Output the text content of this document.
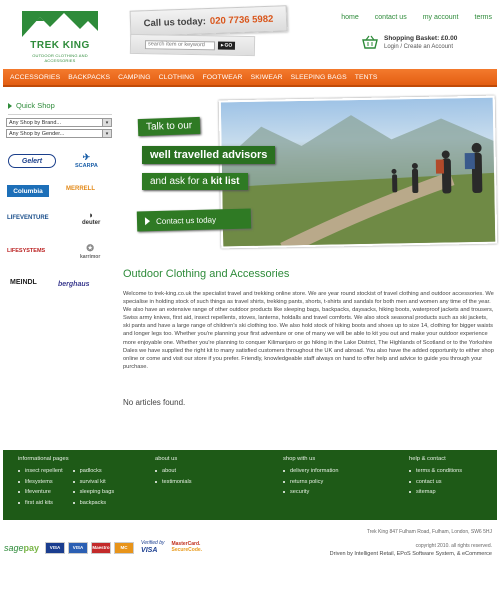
TREK KING
OUTDOOR CLOTHING AND ACCESSORIES
Call us today: 020 7736 5982
search item or keyword
▸ GO
home contact us my account terms
Shopping Basket: £0.00
Login / Create an Account
ACCESSORIES	BACKPACKS	CAMPING	CLOTHING	FOOTWEAR	SKIWEAR	SLEEPING BAGS	TENTS
Quick Shop
Any Shop by Brand...	▾
Any Shop by Gender...	▾
Gelert	✈
SCARPA
Columbia	MERRELL
LIFEVENTURE	◗
deuter
LIFESYSTEMS	✪
karrimor
MEINDL	berghaus
Talk to our
well travelled advisors
and ask for a kit list
Contact us today
Outdoor Clothing and Accessories
Welcome to trek-king.co.uk the specialist travel and trekking online store. We are year round stockist of travel clothing and outdoor accessories. We specialise in holding stock of such things as travel shirts, trekking pants, shorts, t-shirts and sandals for both men and women any time of the year. We also have an extensive range of other outdoor products like sleeping bags, backpacks, daysacks, hiking boots, waterproof jackets and trousers, Swiss army knives, first aid, insect repellents, stoves, lanterns, holdalls and travel comforts. We also stock seasonal products such as ski jackets, ski pants and have a large range of children's ski clothing too. We also hold stock of hiking boots and shoes up to size 14, clothing for bigger waists and longer legs too. Whether you're planning your first adventure or one of many we will be able to kit you out and make your outdoor experience more enjoyable one. Whether you're planning to conquer Kilimanjaro or go hiking in the Lake District, The Highlands of Scotland or to the Yorkshire Dales we have supplied the right kit to many satisfied customers throughout the UK and abroad. You also have the added opportunity to either shop online or come and visit our store if you prefer. Friendly, knowledgeable staff always on hand to offer help and advice to guide you through your purchase.
No articles found.
informational pages
insect repellent
lifesystems
lifeventure
first aid kits
padlocks
survival kit
sleeping bags
backpacks
about us
about
testimonials
shop with us
delivery information
returns policy
security
help & contact
terms & conditions
contact us
sitemap
sagepay	VISA	VISA	Maestro	MC
Verified by
VISA
MasterCard.
SecureCode.
Trek King 847 Fulham Road, Fulham, London, SW6 5HJ
copyright 2010. all rights reserved.
Driven by Intelligent Retail, EPoS Software System, & eCommerce
